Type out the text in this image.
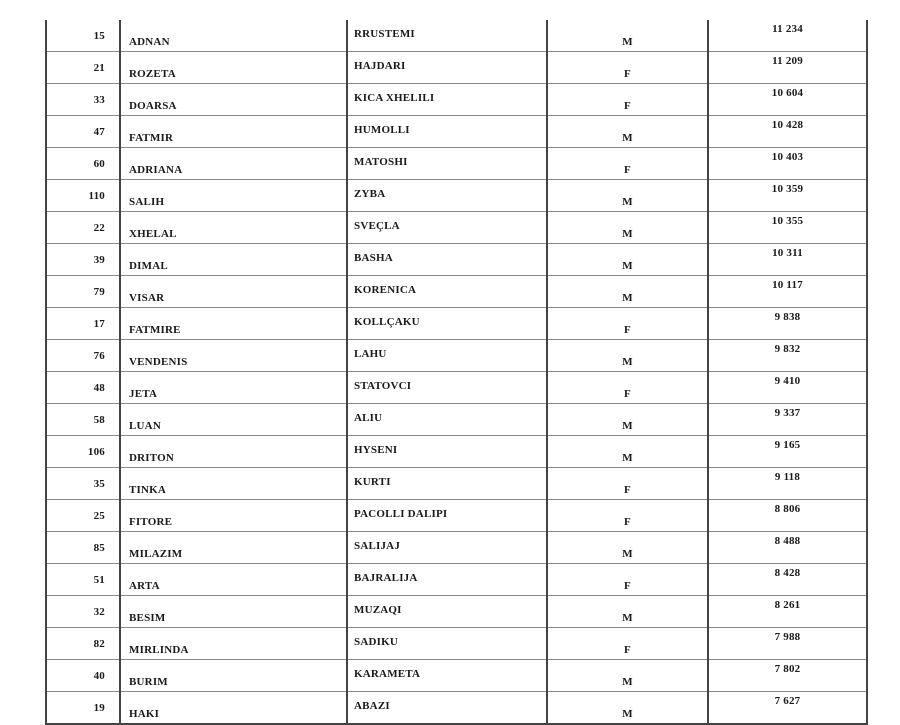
15	ADNAN	RRUSTEMI	M	11 234
21	ROZETA	HAJDARI	F	11 209
33	DOARSA	KICA XHELILI	F	10 604
47	FATMIR	HUMOLLI	M	10 428
60	ADRIANA	MATOSHI	F	10 403
110	SALIH	ZYBA	M	10 359
22	XHELAL	SVEÇLA	M	10 355
39	DIMAL	BASHA	M	10 311
79	VISAR	KORENICA	M	10 117
17	FATMIRE	KOLLÇAKU	F	9 838
76	VENDENIS	LAHU	M	9 832
48	JETA	STATOVCI	F	9 410
58	LUAN	ALIU	M	9 337
106	DRITON	HYSENI	M	9 165
35	TINKA	KURTI	F	9 118
25	FITORE	PACOLLI DALIPI	F	8 806
85	MILAZIM	SALIJAJ	M	8 488
51	ARTA	BAJRALIJA	F	8 428
32	BESIM	MUZAQI	M	8 261
82	MIRLINDA	SADIKU	F	7 988
40	BURIM	KARAMETA	M	7 802
19	HAKI	ABAZI	M	7 627
